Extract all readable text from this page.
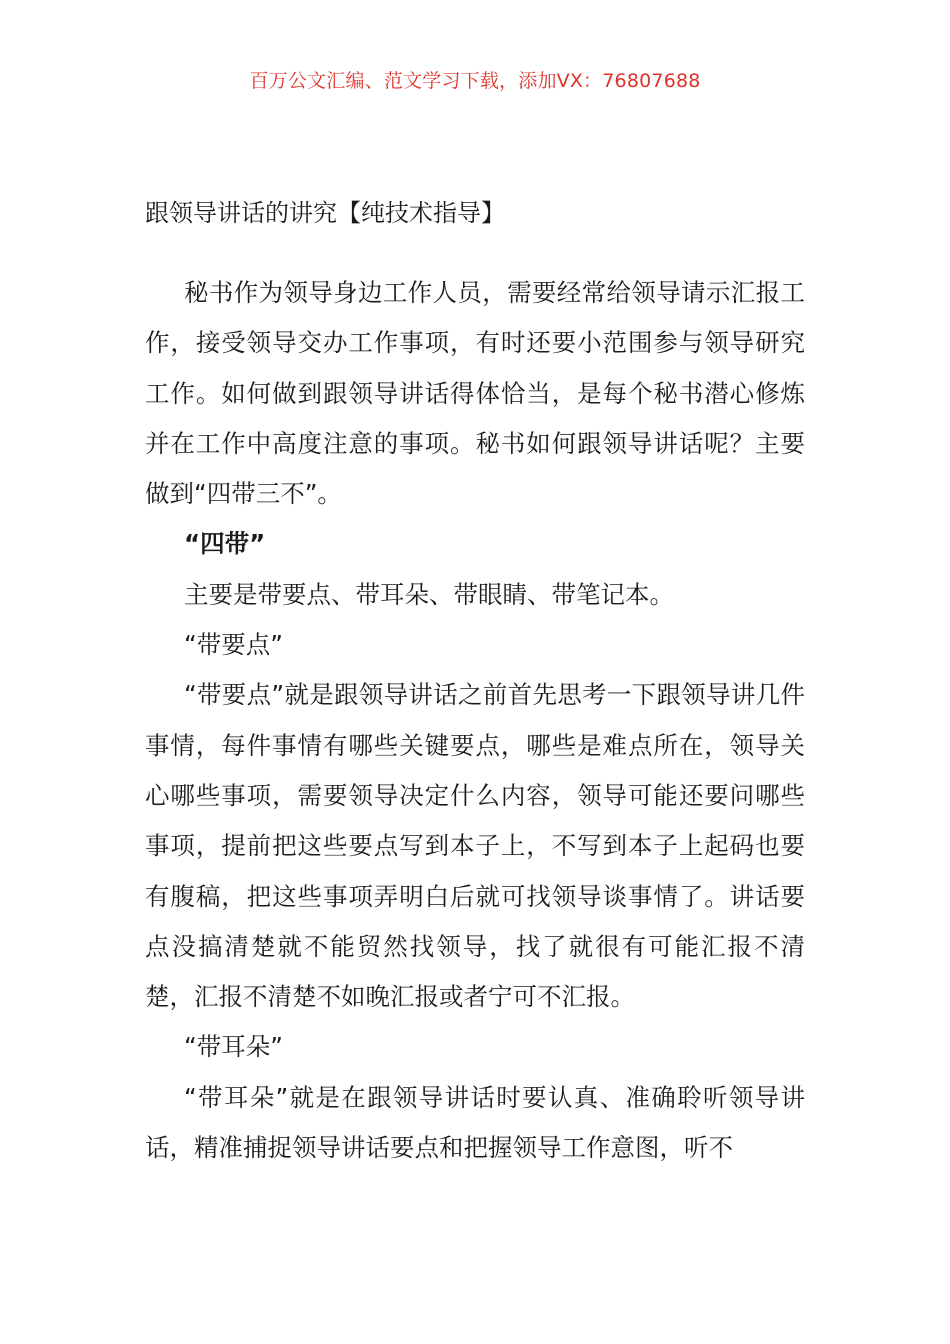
百万公文汇编、范文学习下载，添加VX：76807688
跟领导讲话的讲究【纯技术指导】

秘书作为领导身边工作人员，需要经常给领导请示汇报工作，接受领导交办工作事项，有时还要小范围参与领导研究工作。如何做到跟领导讲话得体恰当，是每个秘书潜心修炼并在工作中高度注意的事项。秘书如何跟领导讲话呢？主要做到“四带三不”。

“四带”

主要是带要点、带耳朵、带眼睛、带笔记本。

“带要点”

“带要点”就是跟领导讲话之前首先思考一下跟领导讲几件事情，每件事情有哪些关键要点，哪些是难点所在，领导关心哪些事项，需要领导决定什么内容，领导可能还要问哪些事项，提前把这些要点写到本子上，不写到本子上起码也要有腹稿，把这些事项弄明白后就可找领导谈事情了。讲话要点没搞清楚就不能贸然找领导，找了就很有可能汇报不清楚，汇报不清楚不如晚汇报或者宁可不汇报。

“带耳朵”

“带耳朵”就是在跟领导讲话时要认真、准确聆听领导讲话，精准捕捉领导讲话要点和把握领导工作意图，听不
